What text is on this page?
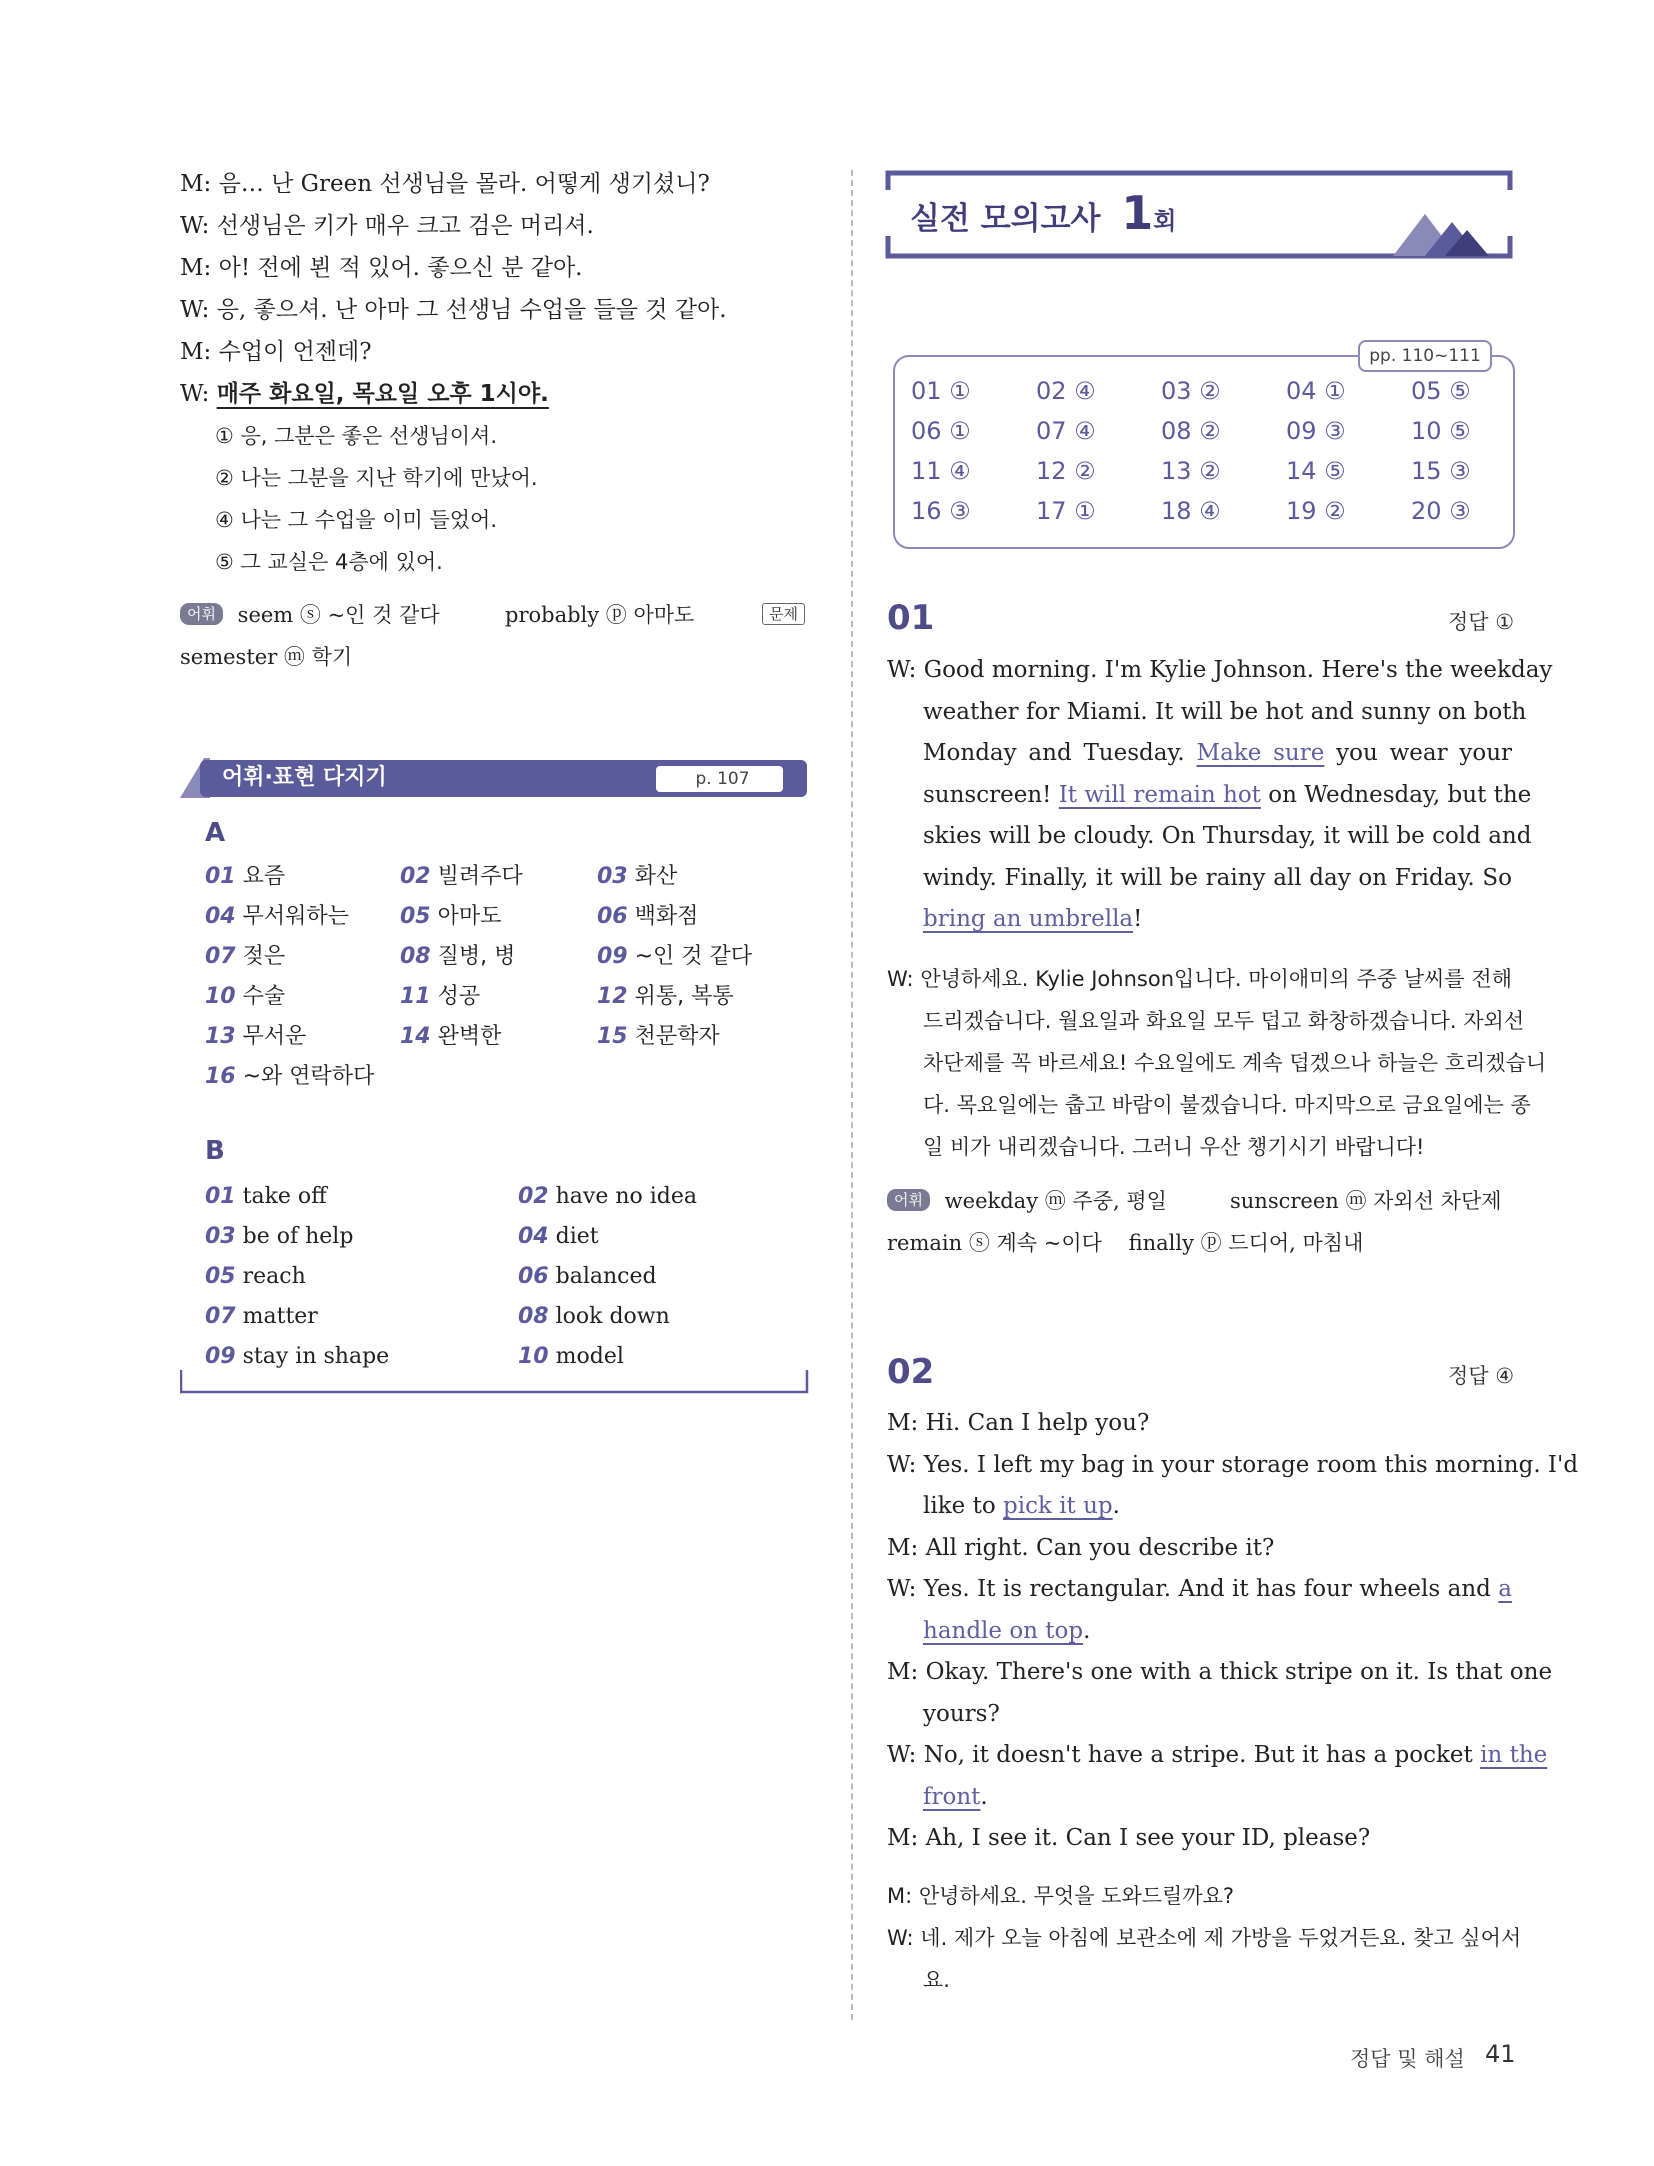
M: 음… 난 Green 선생님을 몰라. 어떻게 생기셨니?
W: 선생님은 키가 매우 크고 검은 머리셔.
M: 아! 전에 뵌 적 있어. 좋으신 분 같아.
W: 응, 좋으셔. 난 아마 그 선생님 수업을 들을 것 같아.
M: 수업이 언젠데?
W: 매주 화요일, 목요일 오후 1시야.
① 응, 그분은 좋은 선생님이셔.
② 나는 그분을 지난 학기에 만났어.
④ 나는 그 수업을 이미 들었어.
⑤ 그 교실은 4층에 있어.
어휘 seem ⓢ ~인 것 같다	probably ⓟ 아마도	문제
semester ⓜ 학기
어휘·표현 다지기	p. 107
A
01 요즘	02 빌려주다	03 화산
04 무서워하는 05 아마도	06 백화점
07 젖은	08 질병, 병	09 ~인 것 같다
10 수술	11 성공	12 위통, 복통
13 무서운	14 완벽한	15 천문학자
16 ~와 연락하다
B
01 take off	02 have no idea
03 be of help	04 diet
05 reach	06 balanced
07 matter	08 look down
09 stay in shape	10 model
실전 모의고사 1회
01 ①	02 ④	03 ②	04 ①	05 ⑤
06 ①	07 ④	08 ②	09 ③	10 ⑤
11 ④	12 ②	13 ②	14 ⑤	15 ③
16 ③	17 ①	18 ④	19 ②	20 ③
pp. 110~111
01	정답 ①
W: Good morning. I'm Kylie Johnson. Here's the weekday
weather for Miami. It will be hot and sunny on both
Monday and Tuesday. Make sure you wear your
sunscreen! It will remain hot on Wednesday, but the
skies will be cloudy. On Thursday, it will be cold and
windy. Finally, it will be rainy all day on Friday. So
bring an umbrella!
W: 안녕하세요. Kylie Johnson입니다. 마이애미의 주중 날씨를 전해
드리겠습니다. 월요일과 화요일 모두 덥고 화창하겠습니다. 자외선
차단제를 꼭 바르세요! 수요일에도 계속 덥겠으나 하늘은 흐리겠습니
다. 목요일에는 춥고 바람이 불겠습니다. 마지막으로 금요일에는 종
일 비가 내리겠습니다. 그러니 우산 챙기시기 바랍니다!
어휘 weekday ⓜ 주중, 평일	sunscreen ⓜ 자외선 차단제
remain ⓢ 계속 ~이다    finally ⓟ 드디어, 마침내
02	정답 ④
M: Hi. Can I help you?
W: Yes. I left my bag in your storage room this morning. I'd
like to pick it up.
M: All right. Can you describe it?
W: Yes. It is rectangular. And it has four wheels and a
handle on top.
M: Okay. There's one with a thick stripe on it. Is that one
yours?
W: No, it doesn't have a stripe. But it has a pocket in the
front.
M: Ah, I see it. Can I see your ID, please?
M: 안녕하세요. 무엇을 도와드릴까요?
W: 네. 제가 오늘 아침에 보관소에 제 가방을 두었거든요. 찾고 싶어서
요.
정답 및 해설 41
